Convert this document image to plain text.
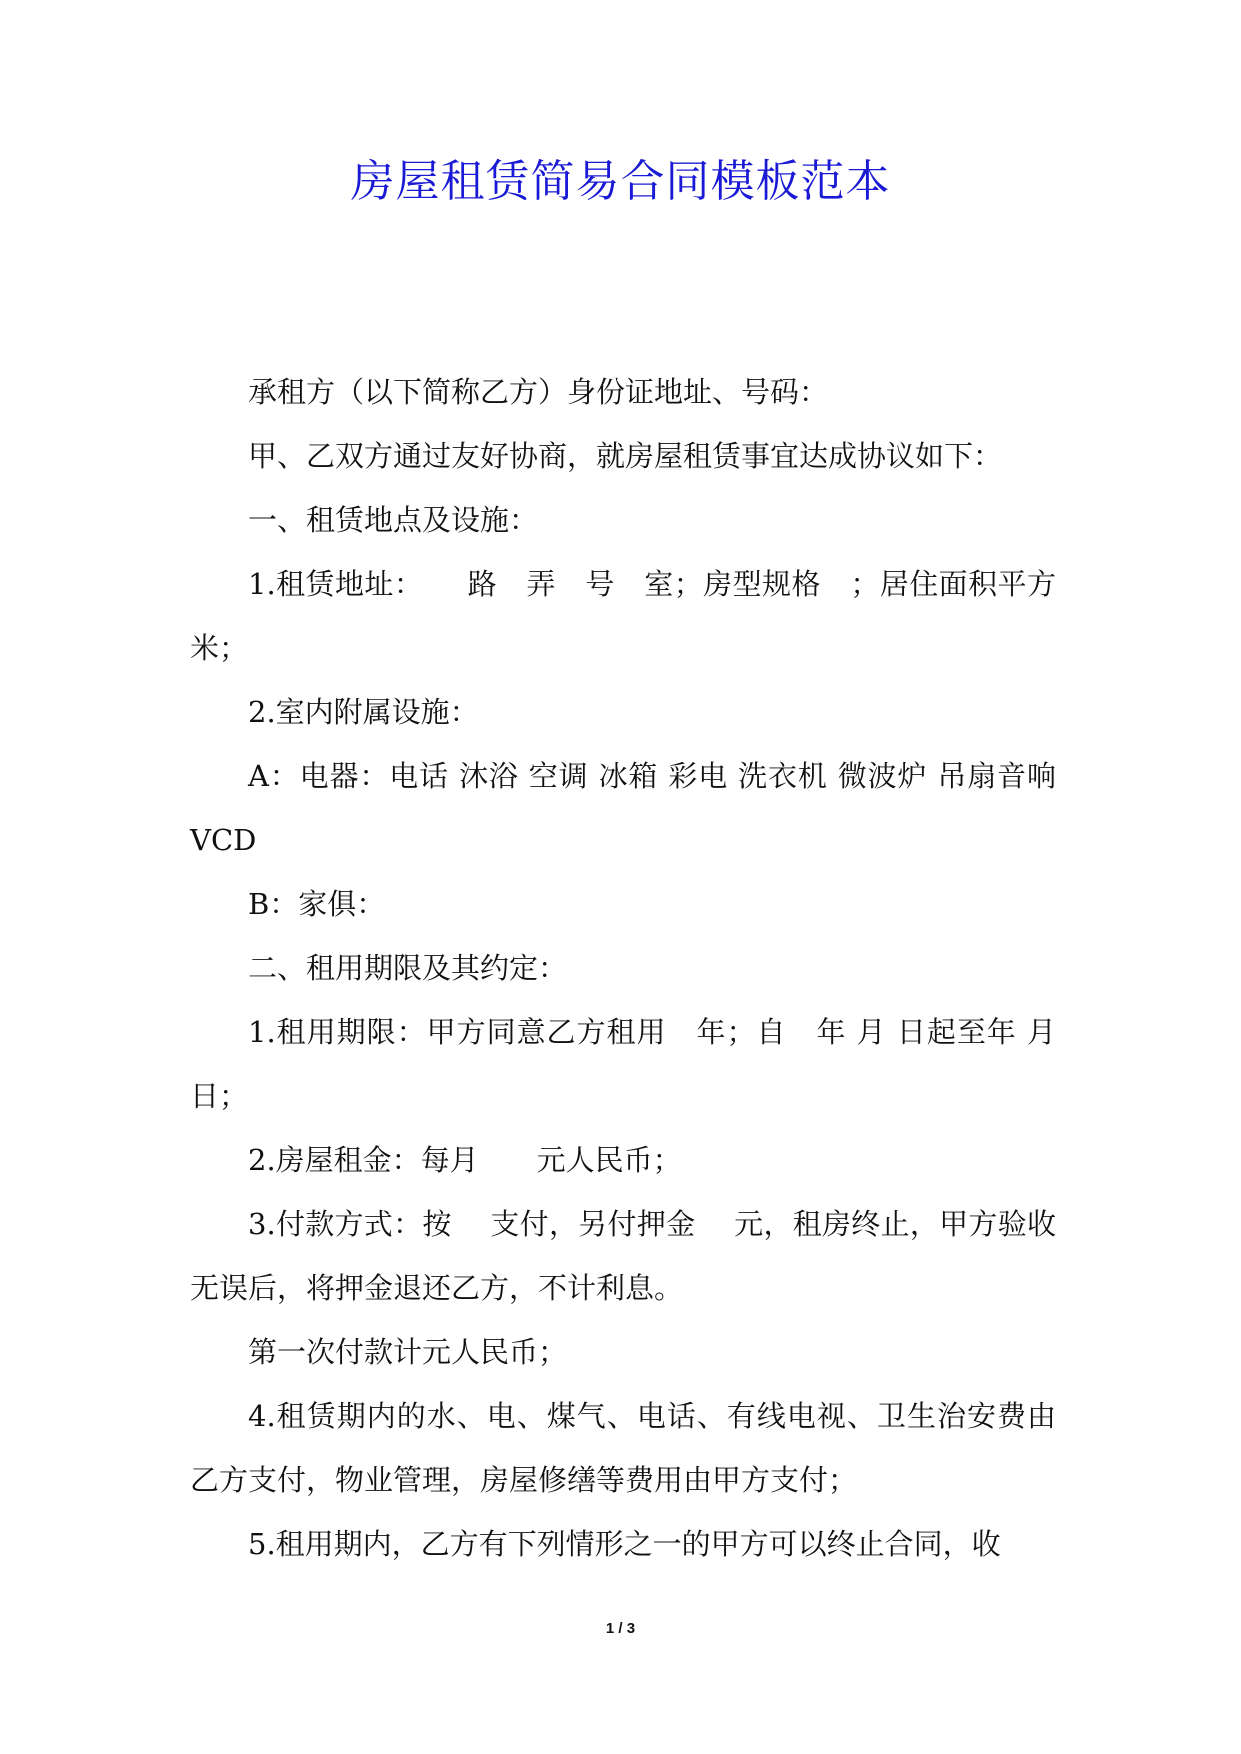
房屋租赁简易合同模板范本

承租方（以下简称乙方）身份证地址、号码：

甲、乙双方通过友好协商，就房屋租赁事宜达成协议如下：

一、租赁地点及设施：

1.租赁地址：　　路　弄　号　室；房型规格　；居住面积平方　米；

2.室内附属设施：

A：电器：电话 沐浴 空调 冰箱 彩电 洗衣机 微波炉 吊扇音响 VCD

B：家俱：

二、租用期限及其约定：

1.租用期限：甲方同意乙方租用　年；自　年 月 日起至年 月 日；

2.房屋租金：每月　　元人民币；

3.付款方式：按　 支付，另付押金　 元，租房终止，甲方验收无误后，将押金退还乙方，不计利息。

第一次付款计元人民币；

4.租赁期内的水、电、煤气、电话、有线电视、卫生治安费由乙方支付，物业管理，房屋修缮等费用由甲方支付；

5.租用期内，乙方有下列情形之一的甲方可以终止合同，收

1 / 3
